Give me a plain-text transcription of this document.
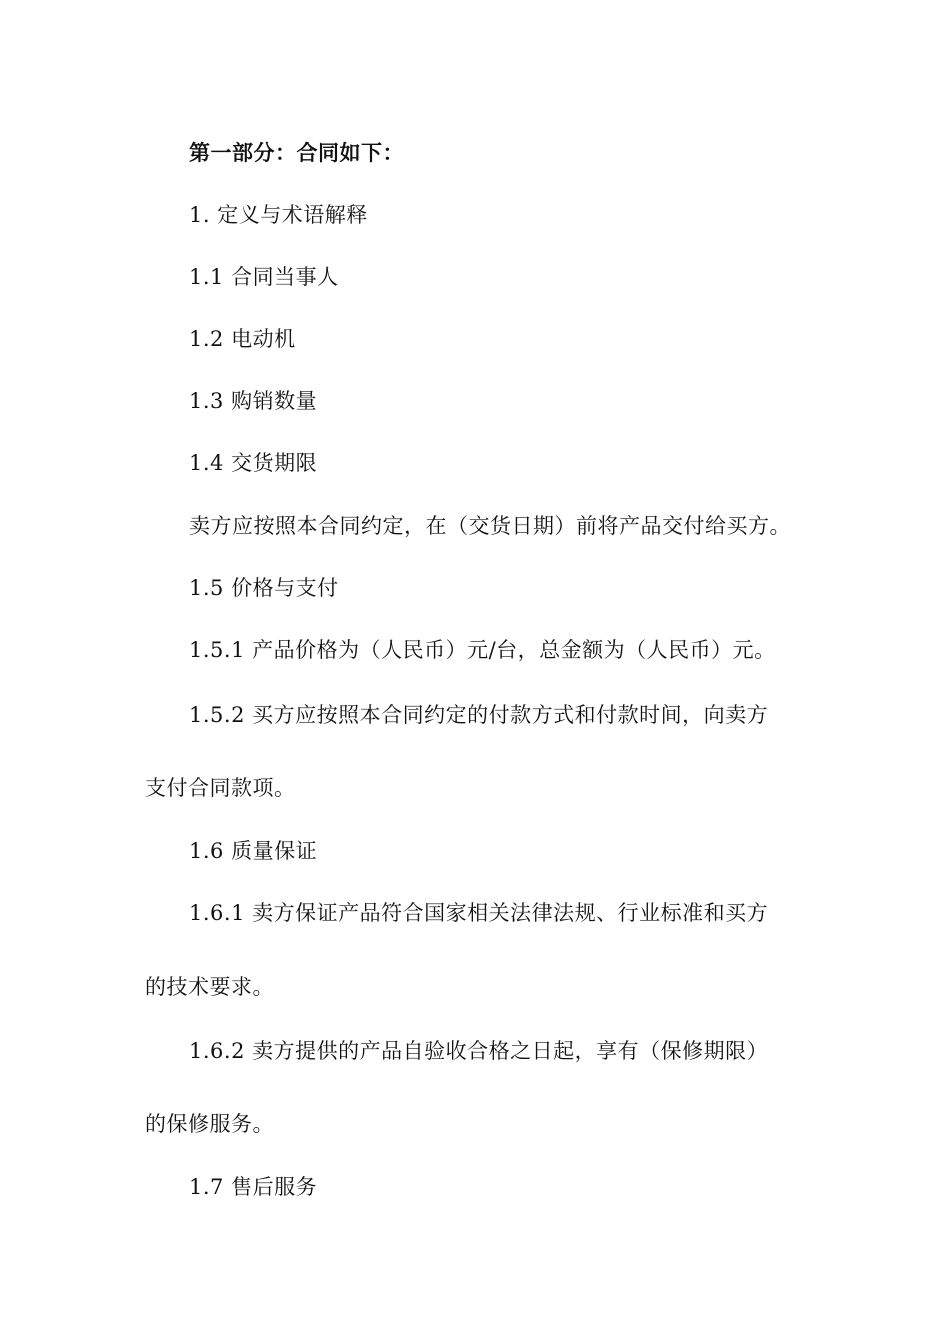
第一部分：合同如下：
1. 定义与术语解释
1.1 合同当事人
1.2 电动机
1.3 购销数量
1.4 交货期限
卖方应按照本合同约定，在（交货日期）前将产品交付给买方。
1.5 价格与支付
1.5.1 产品价格为（人民币）元/台，总金额为（人民币）元。
1.5.2 买方应按照本合同约定的付款方式和付款时间，向卖方
支付合同款项。
1.6 质量保证
1.6.1 卖方保证产品符合国家相关法律法规、行业标准和买方
的技术要求。
1.6.2 卖方提供的产品自验收合格之日起，享有（保修期限）
的保修服务。
1.7 售后服务
